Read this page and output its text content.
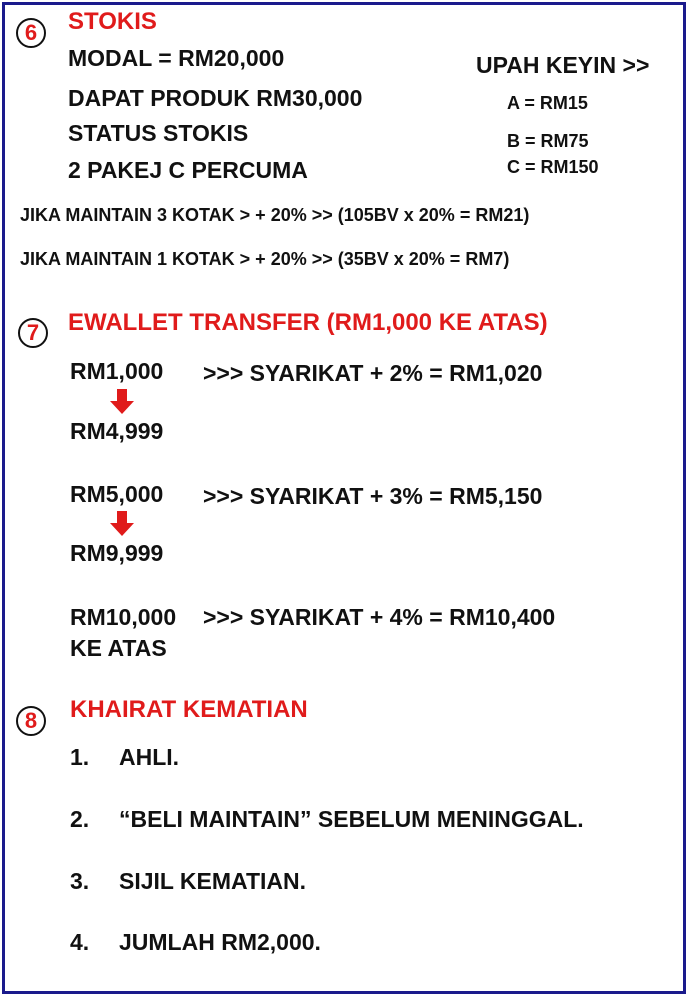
6	STOKIS
MODAL = RM20,000
DAPAT PRODUK RM30,000
STATUS STOKIS
2 PAKEJ C PERCUMA
UPAH KEYIN >>
A = RM15
B = RM75
C = RM150
JIKA MAINTAIN 3 KOTAK > + 20% >> (105BV x 20% = RM21)
JIKA MAINTAIN 1 KOTAK > + 20% >> (35BV x 20% = RM7)
7	EWALLET TRANSFER (RM1,000 KE ATAS)
RM1,000 >>> SYARIKAT + 2% = RM1,020
RM4,999
RM5,000 >>> SYARIKAT + 3% = RM5,150
RM9,999
RM10,000 >>> SYARIKAT + 4% = RM10,400
KE ATAS
8	KHAIRAT KEMATIAN
1. AHLI.
2. “BELI MAINTAIN” SEBELUM MENINGGAL.
3. SIJIL KEMATIAN.
4. JUMLAH RM2,000.
